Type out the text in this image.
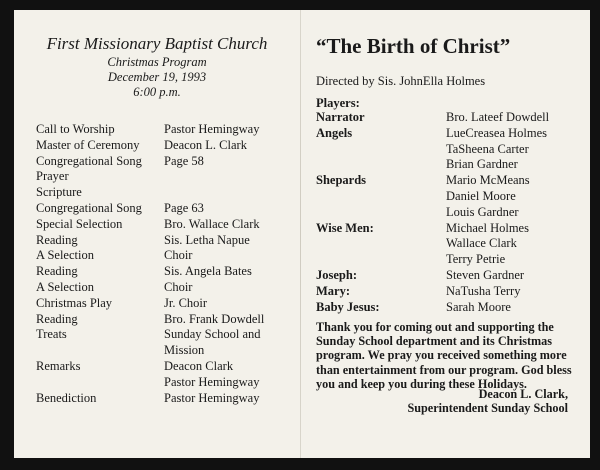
First Missionary Baptist Church
Christmas Program
December 19, 1993
6:00 p.m.
Call to Worship	Pastor Hemingway
Master of Ceremony	Deacon L. Clark
Congregational Song	Page 58
Prayer
Scripture
Congregational Song	Page 63
Special Selection	Bro. Wallace Clark
Reading	Sis. Letha Napue
A Selection	Choir
Reading	Sis. Angela Bates
A Selection	Choir
Christmas Play	Jr. Choir
Reading	Bro. Frank Dowdell
Treats	Sunday School and
Mission
Remarks	Deacon Clark
Pastor Hemingway
Benediction	Pastor Hemingway
“The Birth of Christ”
Directed by Sis. JohnElla Holmes
Players:
Narrator	Bro. Lateef Dowdell
Angels	LueCreasea Holmes
TaSheena Carter
Brian Gardner
Shepards	Mario McMeans
Daniel Moore
Louis Gardner
Wise Men:	Michael Holmes
Wallace Clark
Terry Petrie
Joseph:	Steven Gardner
Mary:	NaTusha Terry
Baby Jesus:	Sarah Moore
Thank you for coming out and supporting the Sunday School department and its Christmas program. We pray you received something more than entertainment from our program. God bless you and keep you during these Holidays.
Deacon L. Clark,
Superintendent Sunday School
